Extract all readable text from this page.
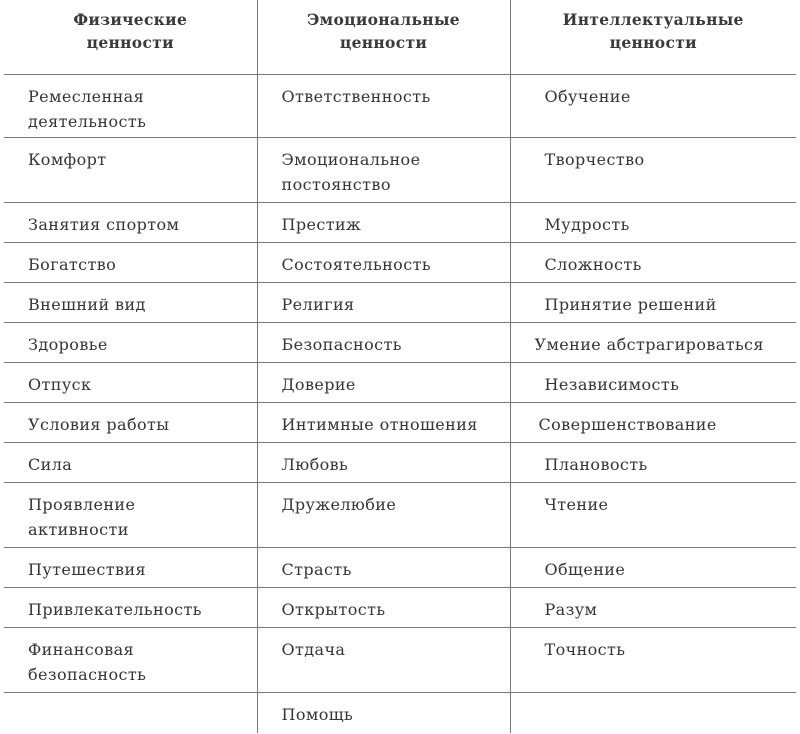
Физические ценности	Эмоциональные ценности	Интеллектуальные ценности

Ремесленная деятельность	Ответственность	Обучение

Комфорт	Эмоциональное постоянство	Творчество

Занятия спортом	Престиж	Мудрость

Богатство	Состоятельность	Сложность

Внешний вид	Религия	Принятие решений

Здоровье	Безопасность	Умение абстрагироваться

Отпуск	Доверие	Независимость

Условия работы	Интимные отношения	Совершенствование

Сила	Любовь	Плановость

Проявление активности	Дружелюбие	Чтение

Путешествия	Страсть	Общение

Привлекательность	Открытость	Разум

Финансовая безопасность	Отдача	Точность

	Помощь	
